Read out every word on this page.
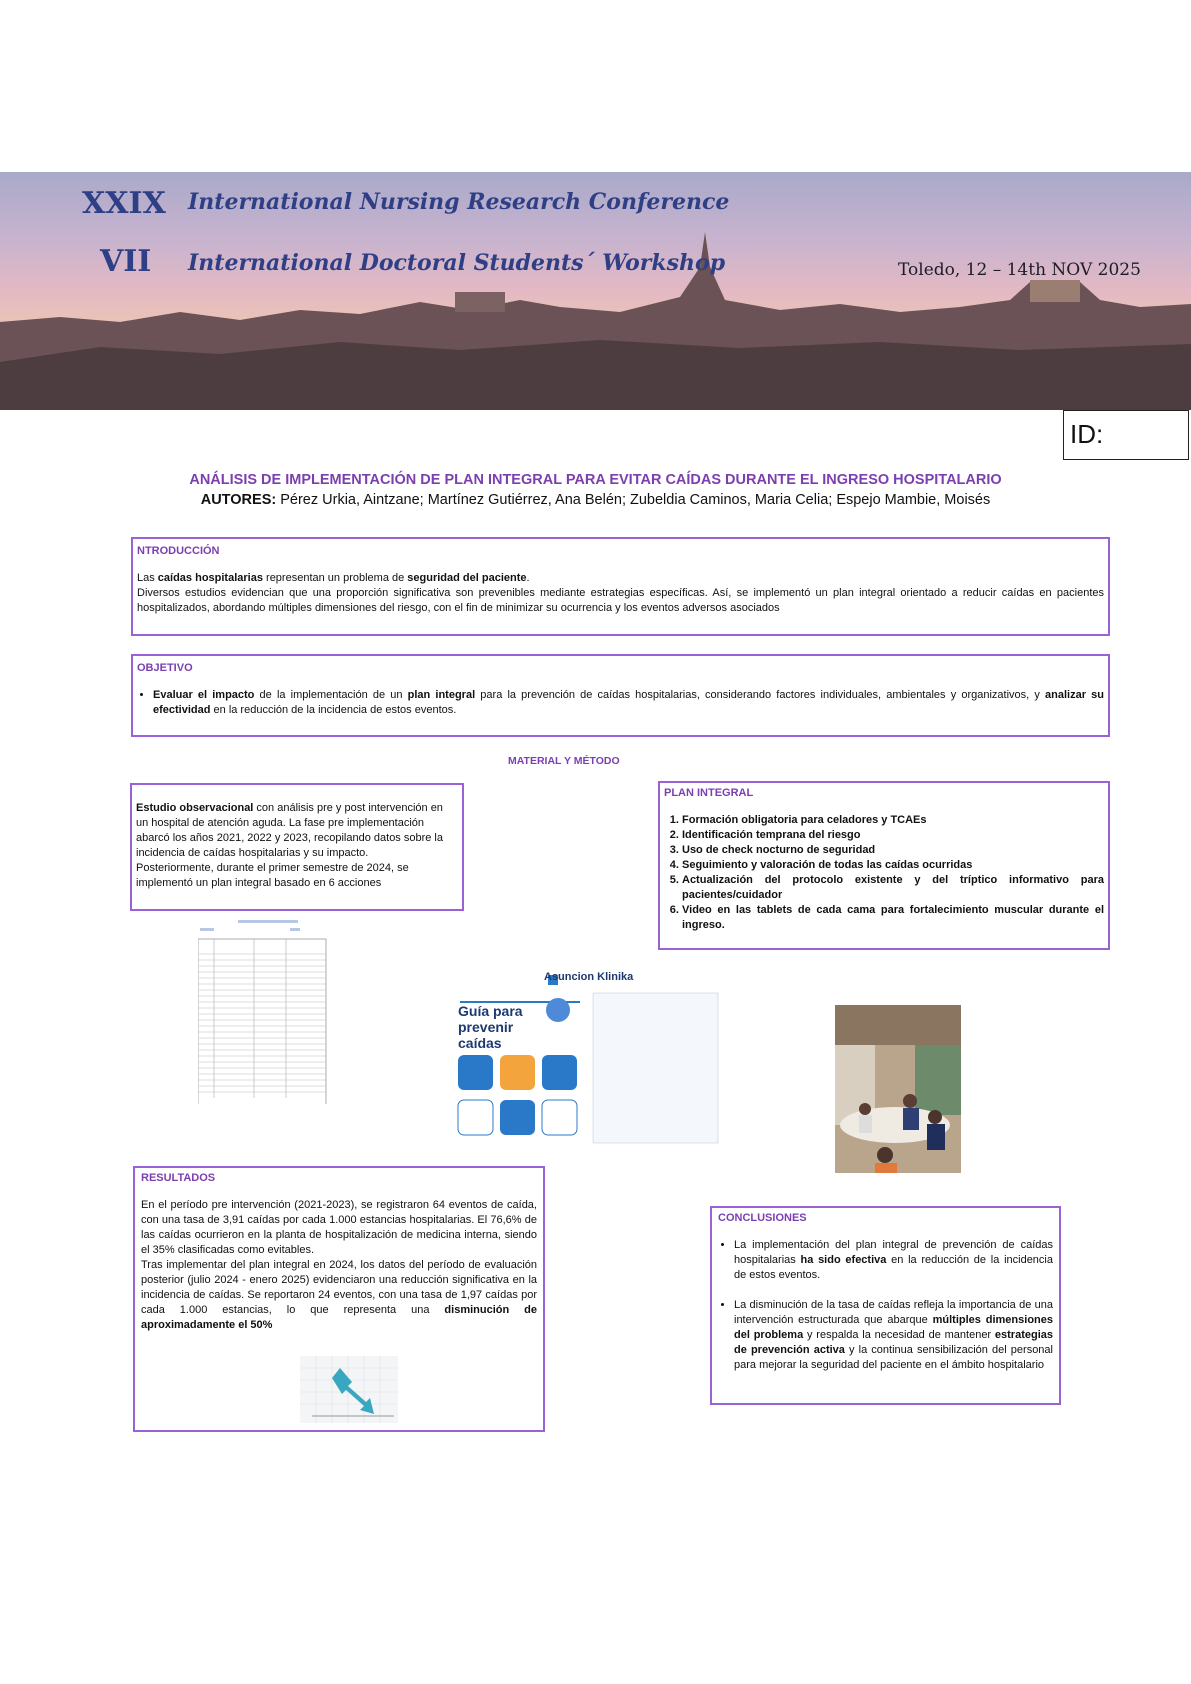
XXIX International Nursing Research Conference
VII International Doctoral Students´ Workshop	Toledo, 12 – 14th NOV 2025
ID:
ANÁLISIS DE IMPLEMENTACIÓN DE PLAN INTEGRAL PARA EVITAR CAÍDAS DURANTE EL INGRESO HOSPITALARIO
AUTORES: Pérez Urkia, Aintzane; Martínez Gutiérrez, Ana Belén; Zubeldia Caminos, Maria Celia; Espejo Mambie, Moisés
NTRODUCCIÓN
Las caídas hospitalarias representan un problema de seguridad del paciente.
Diversos estudios evidencian que una proporción significativa son prevenibles mediante estrategias específicas. Así, se implementó un plan integral orientado a reducir caídas en pacientes hospitalizados, abordando múltiples dimensiones del riesgo, con el fin de minimizar su ocurrencia y los eventos adversos asociados
OBJETIVO
• Evaluar el impacto de la implementación de un plan integral para la prevención de caídas hospitalarias, considerando factores individuales, ambientales y organizativos, y analizar su efectividad en la reducción de la incidencia de estos eventos.
MATERIAL Y MÉTODO
Estudio observacional con análisis pre y post intervención en un hospital de atención aguda. La fase pre implementación abarcó los años 2021, 2022 y 2023, recopilando datos sobre la incidencia de caídas hospitalarias y su impacto.
Posteriormente, durante el primer semestre de 2024, se implementó un plan integral basado en 6 acciones
PLAN INTEGRAL
1. Formación obligatoria para celadores y TCAEs
2. Identificación temprana del riesgo
3. Uso de check nocturno de seguridad
4. Seguimiento y valoración de todas las caídas ocurridas
5. Actualización del protocolo existente y del tríptico informativo para pacientes/cuidador
6. Video en las tablets de cada cama para fortalecimiento muscular durante el ingreso.
Asuncion Klinika
Guía para prevenir caídas
RESULTADOS
En el período pre intervención (2021-2023), se registraron 64 eventos de caída, con una tasa de 3,91 caídas por cada 1.000 estancias hospitalarias. El 76,6% de las caídas ocurrieron en la planta de hospitalización de medicina interna, siendo el 35% clasificadas como evitables.
Tras implementar del plan integral en 2024, los datos del período de evaluación posterior (julio 2024 - enero 2025) evidenciaron una reducción significativa en la incidencia de caídas. Se reportaron 24 eventos, con una tasa de 1,97 caídas por cada 1.000 estancias, lo que representa una disminución de aproximadamente el 50%
CONCLUSIONES
• La implementación del plan integral de prevención de caídas hospitalarias ha sido efectiva en la reducción de la incidencia de estos eventos.
• La disminución de la tasa de caídas refleja la importancia de una intervención estructurada que abarque múltiples dimensiones del problema y respalda la necesidad de mantener estrategias de prevención activa y la continua sensibilización del personal para mejorar la seguridad del paciente en el ámbito hospitalario
